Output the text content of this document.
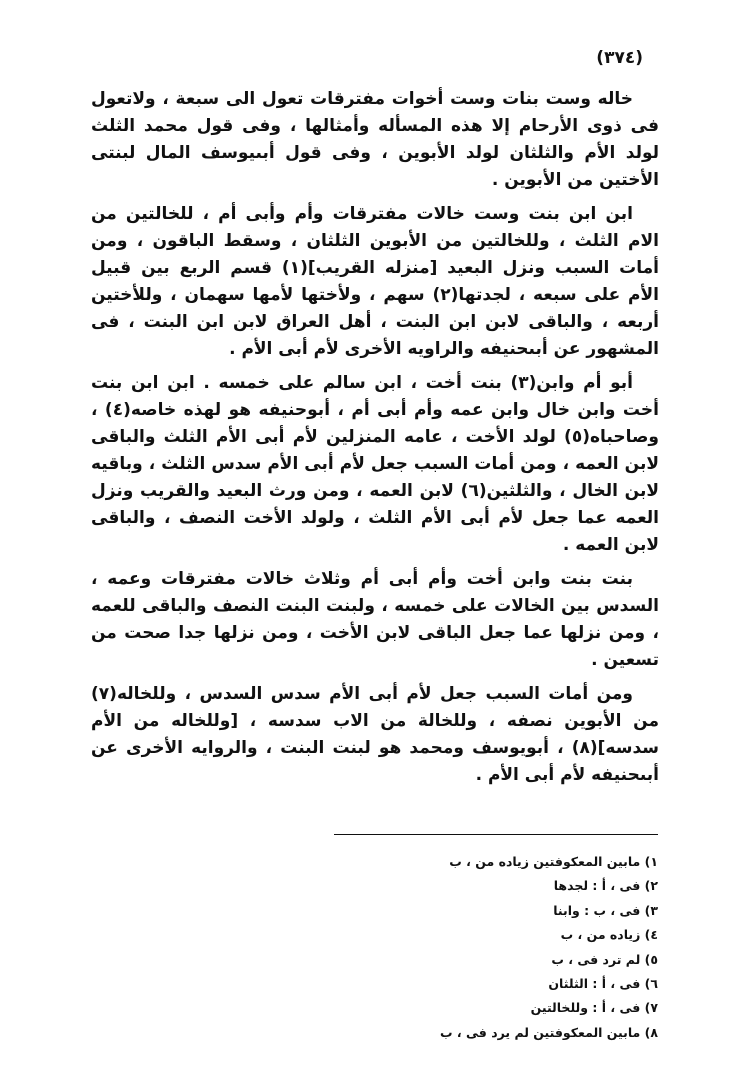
(٣٧٤)

خاله وست بنات وست أخوات مفترقات تعول الى سبعة ، ولاتعول فى ذوى الأرحام إلا هذه المسأله وأمثالها ، وفى قول محمد الثلث لولد الأم والثلثان لولد الأبوين ، وفى قول أبىيوسف المال لبنتى الأختين من الأبوين .

ابن ابن بنت وست خالات مفترقات وأم وأبى أم ، للخالتين من الام الثلث ، وللخالتين من الأبوين الثلثان ، وسقط الباقون ، ومن أمات السبب ونزل البعيد [منزله القريب](١) قسم الربع بين قبيل الأم على سبعه ، لجدتها(٢) سهم ، ولأختها لأمها سهمان ، وللأختين أربعه ، والباقى لابن ابن البنت ، أهل العراق لابن ابن البنت ، فى المشهور عن أبىحنيفه والراويه الأخرى لأم أبى الأم .

أبو أم وابن(٣) بنت أخت ، ابن سالم على خمسه . ابن ابن بنت أخت وابن خال وابن عمه وأم أبى أم ، أبوحنيفه هو لهذه خاصه(٤) ، وصاحباه(٥) لولد الأخت ، عامه المنزلين لأم أبى الأم الثلث والباقى لابن العمه ، ومن أمات السبب جعل لأم أبى الأم سدس الثلث ، وباقيه لابن الخال ، والثلثين(٦) لابن العمه ، ومن ورث البعيد والقريب ونزل العمه عما جعل لأم أبى الأم الثلث ، ولولد الأخت النصف ، والباقى لابن العمه .

بنت بنت وابن أخت وأم أبى أم وثلاث خالات مفترقات وعمه ، السدس بين الخالات على خمسه ، ولبنت البنت النصف والباقى للعمه ، ومن نزلها عما جعل الباقى لابن الأخت ، ومن نزلها جدا صحت من تسعين .

ومن أمات السبب جعل لأم أبى الأم سدس السدس ، وللخاله(٧) من الأبوين نصفه ، وللخالة من الاب سدسه ، [وللخاله من الأم سدسه](٨) ، أبويوسف ومحمد هو لبنت البنت ، والروايه الأخرى عن أبىحنيفه لأم أبى الأم .

١) مابين المعكوفتين زياده من ، ب

٢) فى ، أ : لجدها

٣) فى ، ب : وابنا

٤) زياده من ، ب

٥) لم ترد فى ، ب

٦) فى ، أ : الثلثان

٧) فى ، أ : وللخالتين

٨) مابين المعكوفتين لم يرد فى ، ب
